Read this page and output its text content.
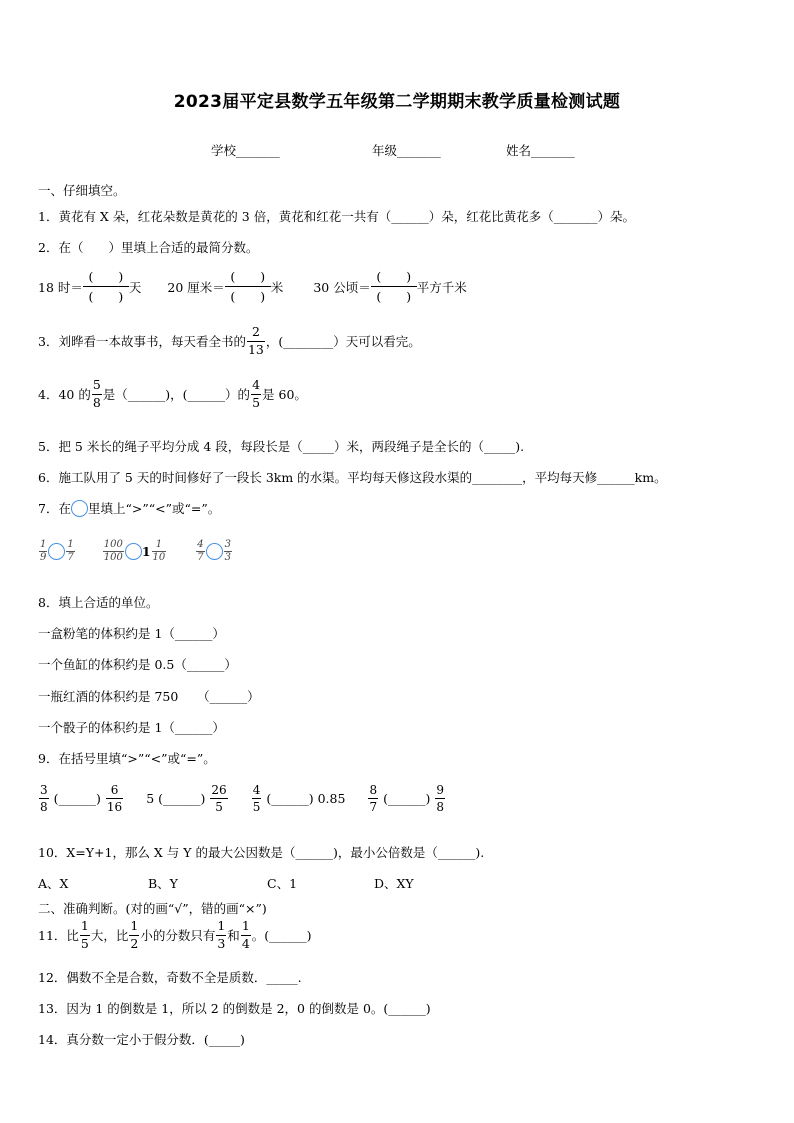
2023届平定县数学五年级第二学期期末教学质量检测试题
学校_______	年级_______	姓名_______
一、仔细填空。
1．黄花有 X 朵，红花朵数是黄花的 3 倍，黄花和红花一共有（______）朵，红花比黄花多（_______）朵。
2．在（　　）里填上合适的最简分数。
18 时＝ $\frac{( )}{( )}$ 天 20 厘米＝ $\frac{( )}{( )}$ 米 30 公顷＝ $\frac{( )}{( )}$ 平方千米
3．刘晔看一本故事书，每天看全书的 $\frac{2}{13}$ ，(________）天可以看完。
4．40 的 $\frac{5}{8}$ 是（______)，(______）的 $\frac{4}{5}$ 是 60。
5．把 5 米长的绳子平均分成 4 段，每段长是（_____）米，两段绳子是全长的（_____).
6．施工队用了 5 天的时间修好了一段长 3km 的水渠。平均每天修这段水渠的________，平均每天修______km。
7．在 里填上“>”“<”或“=”。
$\frac{1}{9} \frac{1}{7}$	$\frac{100}{100} 1 \frac{1}{10}$	$\frac{4}{7} \frac{3}{3}$
8．填上合适的单位。
一盒粉笔的体积约是 1（______）
一个鱼缸的体积约是 0.5（______）
一瓶红酒的体积约是 750　　（______）
一个骰子的体积约是 1（______）
9．在括号里填“>”“<”或“=”。
$\frac{3}{8}$ (______) $\frac{6}{16} 5$ (______) $\frac{26}{5} \frac{4}{5}$ (______) $0.85 \frac{8}{7}$ (______) $\frac{9}{8}$
10．X=Y+1，那么 X 与 Y 的最大公因数是（______)，最小公倍数是（______).
A、X	B、Y	C、1	D、XY
二、准确判断。(对的画“√”，错的画“×”)
11．比 $\frac{1}{5}$ 大，比 $\frac{1}{2}$ 小的分数只有 $\frac{1}{3}$ 和 $\frac{1}{4}$ 。(______)
12．偶数不全是合数，奇数不全是质数．_____.
13．因为 1 的倒数是 1，所以 2 的倒数是 2，0 的倒数是 0。(______)
14．真分数一定小于假分数．(_____)
